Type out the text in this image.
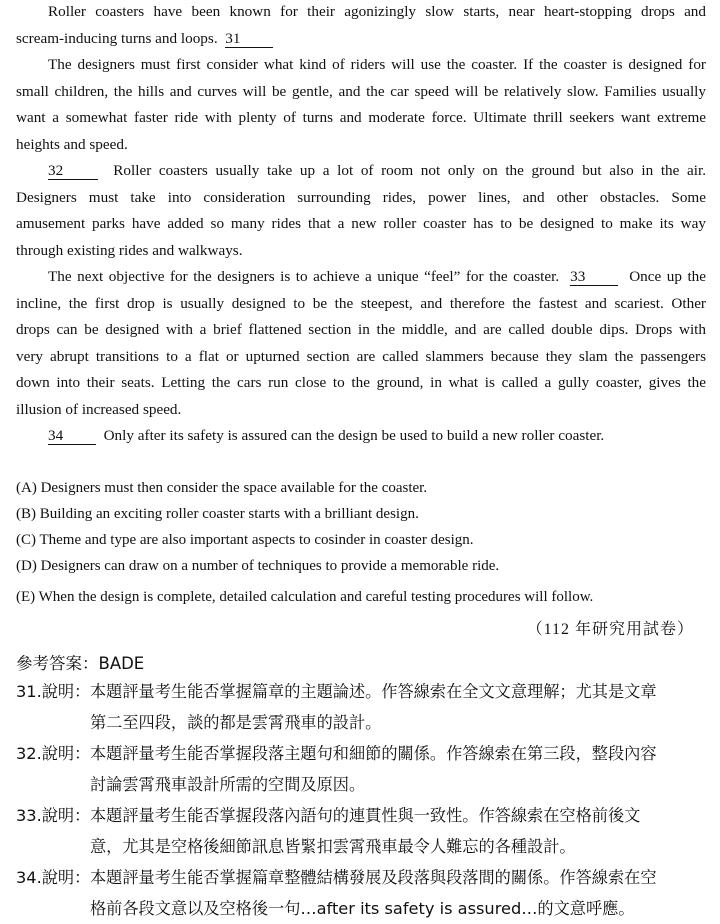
Roller coasters have been known for their agonizingly slow starts, near heart-stopping drops and
scream-inducing turns and loops. 31
The designers must first consider what kind of riders will use the coaster. If the coaster is designed for
small children, the hills and curves will be gentle, and the car speed will be relatively slow. Families usually
want a somewhat faster ride with plenty of turns and moderate force. Ultimate thrill seekers want extreme
heights and speed.
32	Roller coasters usually take up a lot of room not only on the ground but also in the air.
Designers must take into consideration surrounding rides, power lines, and other obstacles. Some
amusement parks have added so many rides that a new roller coaster has to be designed to make its way
through existing rides and walkways.
The next objective for the designers is to achieve a unique “feel” for the coaster. 33	Once up the
incline, the first drop is usually designed to be the steepest, and therefore the fastest and scariest. Other
drops can be designed with a brief flattened section in the middle, and are called double dips. Drops with
very abrupt transitions to a flat or upturned section are called slammers because they slam the passengers
down into their seats. Letting the cars run close to the ground, in what is called a gully coaster, gives the
illusion of increased speed.
34	Only after its safety is assured can the design be used to build a new roller coaster.
(A) Designers must then consider the space available for the coaster.
(B) Building an exciting roller coaster starts with a brilliant design.
(C) Theme and type are also important aspects to cosinder in coaster design.
(D) Designers can draw on a number of techniques to provide a memorable ride.
(E) When the design is complete, detailed calculation and careful testing procedures will follow.
（112 年研究用試卷）
參考答案：BADE
31.說明：本題評量考生能否掌握篇章的主題論述。作答線索在全文文意理解；尤其是文章
第二至四段，談的都是雲霄飛車的設計。
32.說明：本題評量考生能否掌握段落主題句和細節的關係。作答線索在第三段，整段內容
討論雲霄飛車設計所需的空間及原因。
33.說明：本題評量考生能否掌握段落內語句的連貫性與一致性。作答線索在空格前後文
意，尤其是空格後細節訊息皆緊扣雲霄飛車最令人難忘的各種設計。
34.說明：本題評量考生能否掌握篇章整體結構發展及段落與段落間的關係。作答線索在空
格前各段文意以及空格後一句…after its safety is assured…的文意呼應。
